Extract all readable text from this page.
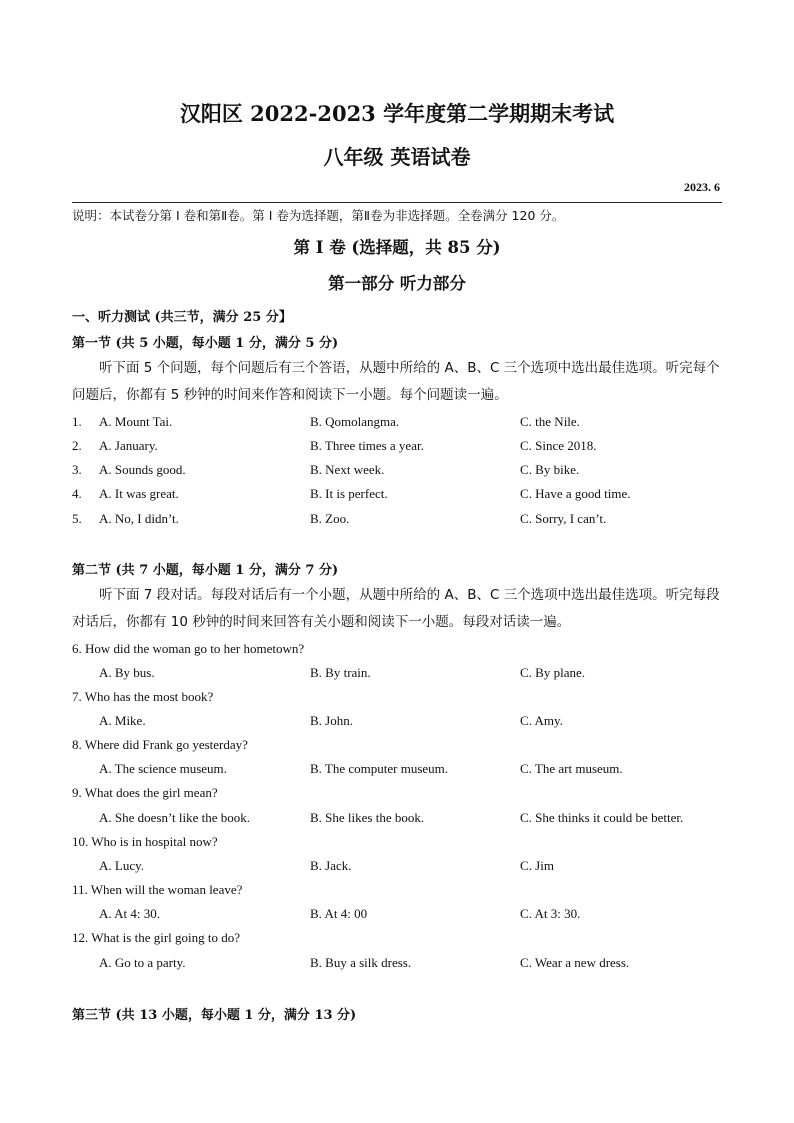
汉阳区 2022-2023 学年度第二学期期末考试
八年级 英语试卷
2023. 6
说明：本试卷分第 I 卷和第Ⅱ卷。第 I 卷为选择题，第Ⅱ卷为非选择题。全卷满分 120 分。
第 I 卷 (选择题，共 85 分)
第一部分 听力部分
一、听力测试 (共三节，满分 25 分】
第一节 (共 5 小题，每小题 1 分，满分 5 分)
听下面 5 个问题，每个问题后有三个答语，从题中所给的 A、B、C 三个选项中选出最佳选项。听完每个问题后，你都有 5 秒钟的时间来作答和阅读下一小题。每个问题读一遍。
1. A. Mount Tai.	B. Qomolangma.	C. the Nile.
2. A. January.	B. Three times a year.	C. Since 2018.
3. A. Sounds good.	B. Next week.	C. By bike.
4. A. It was great.	B. It is perfect.	C. Have a good time.
5. A. No, I didn’t.	B. Zoo.	C. Sorry, I can’t.
第二节 (共 7 小题，每小题 1 分，满分 7 分)
听下面 7 段对话。每段对话后有一个小题，从题中所给的 A、B、C 三个选项中选出最佳选项。听完每段对话后，你都有 10 秒钟的时间来回答有关小题和阅读下一小题。每段对话读一遍。
6. How did the woman go to her hometown?
A. By bus.	B. By train.	C. By plane.
7. Who has the most book?
A. Mike.	B. John.	C. Amy.
8. Where did Frank go yesterday?
A. The science museum.	B. The computer museum.	C. The art museum.
9. What does the girl mean?
A. She doesn’t like the book.	B. She likes the book.	C. She thinks it could be better.
10. Who is in hospital now?
A. Lucy.	B. Jack.	C. Jim
11. When will the woman leave?
A. At 4: 30.	B. At 4: 00	C. At 3: 30.
12. What is the girl going to do?
A. Go to a party.	B. Buy a silk dress.	C. Wear a new dress.
第三节 (共 13 小题，每小题 1 分，满分 13 分)
